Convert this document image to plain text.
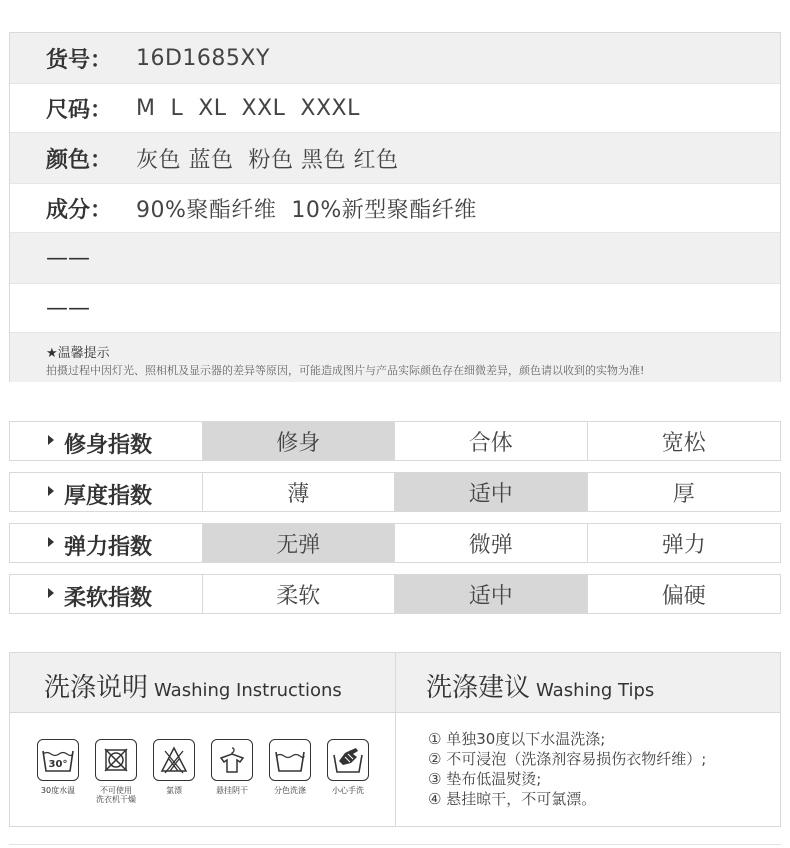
货号： 16D1685XY
尺码： M  L  XL  XXL  XXXL
颜色： 灰色 蓝色  粉色 黑色 红色
成分： 90%聚酯纤维  10%新型聚酯纤维
——
——
★温馨提示
拍摄过程中因灯光、照相机及显示器的差异等原因，可能造成图片与产品实际颜色存在细微差异，颜色请以收到的实物为准!
修身指数	修身	合体	宽松
厚度指数	薄	适中	厚
弹力指数	无弹	微弹	弹力
柔软指数	柔软	适中	偏硬
洗涤说明 Washing Instructions	洗涤建议 Washing Tips
30°
30度水温	不可使用
洗衣机干燥
氯漂	悬挂阴干	分色洗涤	小心手洗
① 单独30度以下水温洗涤;
② 不可浸泡（洗涤剂容易损伤衣物纤维）;
③ 垫布低温熨烫;
④ 悬挂晾干，不可氯漂。
